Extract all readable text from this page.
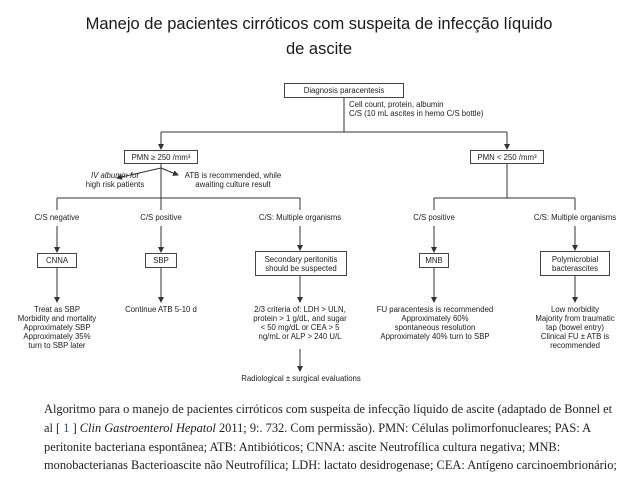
Manejo de pacientes cirróticos com suspeita de infecção líquido
de ascite
Diagnosis paracentesis
Cell count, protein, albumin
C/S (10 mL ascites in hemo C/S bottle)
PMN ≥ 250 /mm³	PMN < 250 /mm³
IV albumin for
high risk patients
ATB is recommended, while
awaiting culture result
C/S negative	C/S positive	C/S: Multiple organisms	C/S positive	C/S: Multiple organisms
CNNA	SBP	Secondary peritonitis
should be suspected
MNB	Polymicrobial
bacterascites
Treat as SBP
Morbidity and mortality
Approximately SBP
Approximately 35%
turn to SBP later
Continue ATB 5-10 d	2/3 criteria of: LDH > ULN,
protein > 1 g/dL, and sugar
< 50 mg/dL or CEA > 5
ng/mL or ALP > 240 U/L
Radiological ± surgical evaluations
FU paracentesis is recommended
Approximately 60%
spontaneous resolution
Approximately 40% turn to SBP
Low morbidity
Majority from traumatic
tap (bowel entry)
Clinical FU ± ATB is
recommended
Algoritmo para o manejo de pacientes cirróticos com suspeita de infecção líquido de ascite (adaptado de Bonnel et
al [ 1 ] Clin Gastroenterol Hepatol 2011; 9:. 732. Com permissão). PMN: Células polimorfonucleares; PAS: A
peritonite bacteriana espontânea; ATB: Antibióticos; CNNA: ascite Neutrofílica cultura negativa; MNB:
monobacterianas Bacterioascite não Neutrofílica; LDH: lactato desidrogenase; CEA: Antígeno carcinoembrionário;
